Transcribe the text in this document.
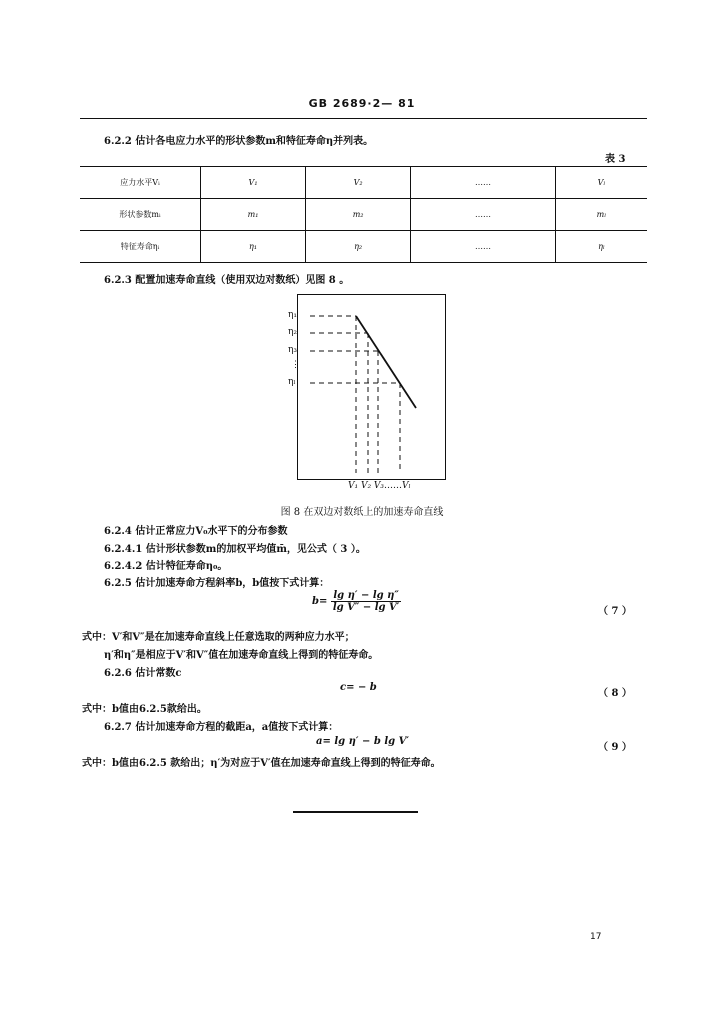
GB 2689·2— 81
6.2.2 估计各电应力水平的形状参数m和特征寿命η并列表。
表 3
应力水平Vᵢ	V₁	V₂	……	Vₗ
形状参数mᵢ	m₁	m₂	……	mₗ
特征寿命ηᵢ	η₁	η₂	……	ηₗ
6.2.3 配置加速寿命直线（使用双边对数纸）见图 8 。
η₁
η₂
η₃
⋮
ηₗ
V₁ V₂ V₃……Vₗ
图 8 在双边对数纸上的加速寿命直线
6.2.4 估计正常应力V₀水平下的分布参数
6.2.4.1 估计形状参数m的加权平均值m̄，见公式（ 3 ）。
6.2.4.2 估计特征寿命η₀。
6.2.5 估计加速寿命方程斜率b，b值按下式计算：
$b= \frac{\text{lg η′ − lg η″}}{\text{lg V″ − lg V′}}$	（ 7 ）
式中：V′和V″是在加速寿命直线上任意选取的两种应力水平；
η′和η″是相应于V′和V″值在加速寿命直线上得到的特征寿命。
6.2.6 估计常数c
c= − b
（ 8 ）
式中：b值由6.2.5款给出。
6.2.7 估计加速寿命方程的截距a，a值按下式计算：
a= lg η′ − b lg V′
（ 9 ）
式中：b值由6.2.5 款给出；η′为对应于V′值在加速寿命直线上得到的特征寿命。
17
